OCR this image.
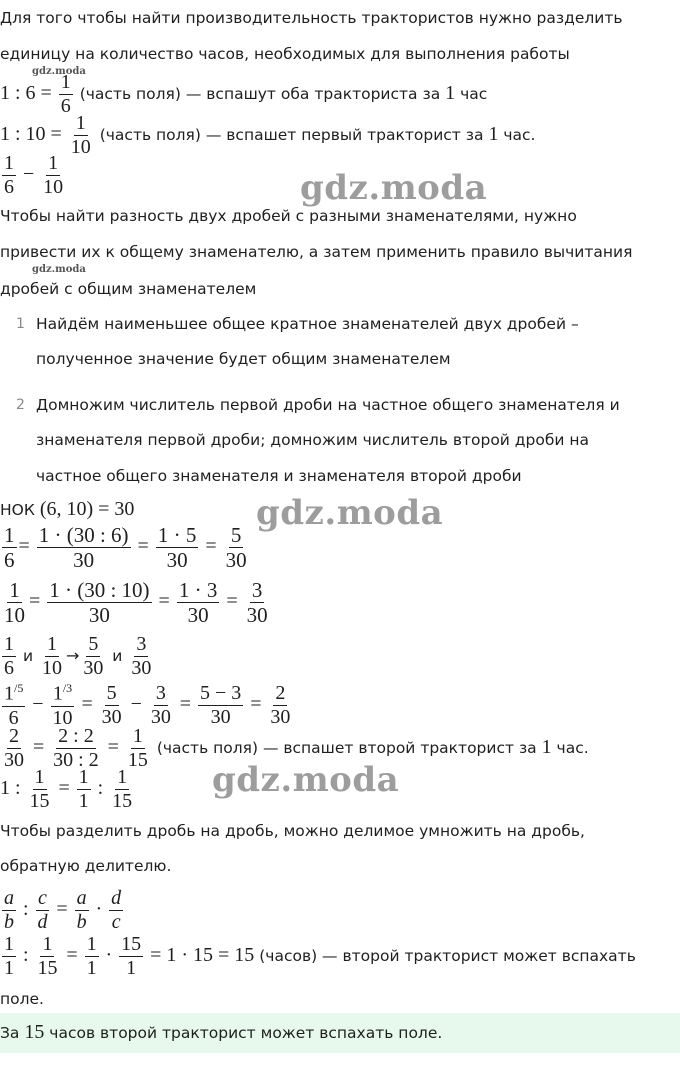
gdz.moda
gdz.moda
gdz.moda
gdz.moda
gdz.moda
Для того чтобы найти производительность трактористов нужно разделить
единицу на количество часов, необходимых для выполнения работы
1 : $6 = \frac{1}{6}$ (часть поля) — вспашут оба тракториста за 1 час
1 : $10 = \frac{1}{10}$ (часть поля) — вспашет первый тракторист за 1 час.
$\frac{1}{6} - \frac{1}{10}$
Чтобы найти разность двух дробей с разными знаменателями, нужно
привести их к общему знаменателю, а затем применить правило вычитания
дробей с общим знаменателем
1 Найдём наименьшее общее кратное знаменателей двух дробей –
полученное значение будет общим знаменателем
2 Домножим числитель первой дроби на частное общего знаменателя и
знаменателя первой дроби; домножим числитель второй дроби на
частное общего знаменателя и знаменателя второй дроби
НОК (6, 10) = 30
$\frac{1}{6} = \frac{1 \cdot (30 : 6)}{30} = \frac{1 \cdot 5}{30} = \frac{5}{30}$
$\frac{1}{10} = \frac{1 \cdot (30 : 10)}{30} = \frac{1 \cdot 3}{30} = \frac{3}{30}$
$\frac{1}{6}$ и $\frac{1}{10} \to \frac{5}{30}$ и $\frac{3}{30}$
$\frac{1^{/5}}{6} - \frac{1^{/3}}{10} = \frac{5}{30} - \frac{3}{30} = \frac{5 - 3}{30} = \frac{2}{30}$
$\frac{2}{30} = \frac{2 : 2}{30 : 2} = \frac{1}{15}$ (часть поля) — вспашет второй тракторист за 1 час.
1 : $\frac{1}{15} = \frac{1}{1}$ : $\frac{1}{15}$
Чтобы разделить дробь на дробь, можно делимое умножить на дробь,
обратную делителю.
$\frac{a}{b}$ : $\frac{c}{d} = \frac{a}{b} \cdot \frac{d}{c}$
$\frac{1}{1}$ : $\frac{1}{15} = \frac{1}{1} \cdot \frac{15}{1} = 1 \cdot 15 = 15$ (часов) — второй тракторист может вспахать
поле.
За 15 часов второй тракторист может вспахать поле.
